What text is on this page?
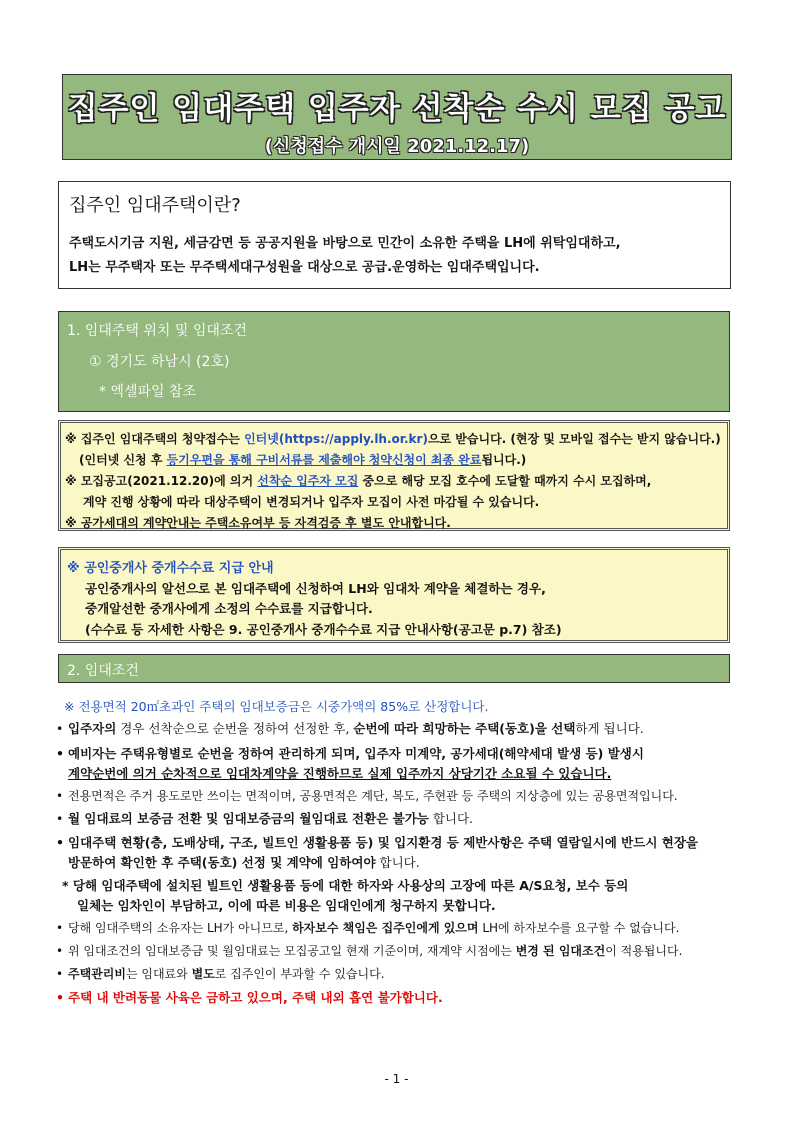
집주인 임대주택 입주자 선착순 수시 모집 공고
(신청접수 개시일 2021.12.17)
집주인 임대주택이란?
주택도시기금 지원, 세금감면 등 공공지원을 바탕으로 민간이 소유한 주택을 LH에 위탁임대하고,
LH는 무주택자 또는 무주택세대구성원을 대상으로 공급.운영하는 임대주택입니다.
1. 임대주택 위치 및 임대조건
① 경기도 하남시 (2호)
* 엑셀파일 참조
※ 집주인 임대주택의 청약접수는 인터넷(https://apply.lh.or.kr)으로 받습니다. (현장 및 모바일 접수는 받지 않습니다.)
(인터넷 신청 후 등기우편을 통해 구비서류를 제출해야 청약신청이 최종 완료됩니다.)
※ 모집공고(2021.12.20)에 의거 선착순 입주자 모집 중으로 해당 모집 호수에 도달할 때까지 수시 모집하며,
계약 진행 상황에 따라 대상주택이 변경되거나 입주자 모집이 사전 마감될 수 있습니다.
※ 공가세대의 계약안내는 주택소유여부 등 자격검증 후 별도 안내합니다.
※ 공인중개사 중개수수료 지급 안내
공인중개사의 알선으로 본 임대주택에 신청하여 LH와 임대차 계약을 체결하는 경우,
중개알선한 중개사에게 소정의 수수료를 지급합니다.
(수수료 등 자세한 사항은 9. 공인중개사 중개수수료 지급 안내사항(공고문 p.7) 참조)
2. 임대조건
※ 전용면적 20㎡초과인 주택의 임대보증금은 시중가액의 85%로 산정합니다.
• 입주자의 경우 선착순으로 순번을 정하여 선정한 후, 순번에 따라 희망하는 주택(동호)을 선택하게 됩니다.
• 예비자는 주택유형별로 순번을 정하여 관리하게 되며, 입주자 미계약, 공가세대(해약세대 발생 등) 발생시
계약순번에 의거 순차적으로 임대차계약을 진행하므로 실제 입주까지 상당기간 소요될 수 있습니다.
• 전용면적은 주거 용도로만 쓰이는 면적이며, 공용면적은 계단, 복도, 주현관 등 주택의 지상층에 있는 공용면적입니다.
• 월 임대료의 보증금 전환 및 임대보증금의 월임대료 전환은 불가능 합니다.
• 임대주택 현황(층, 도배상태, 구조, 빌트인 생활용품 등) 및 입지환경 등 제반사항은 주택 열람일시에 반드시 현장을
방문하여 확인한 후 주택(동호) 선정 및 계약에 임하여야 합니다.
* 당해 임대주택에 설치된 빌트인 생활용품 등에 대한 하자와 사용상의 고장에 따른 A/S요청, 보수 등의
일체는 임차인이 부담하고, 이에 따른 비용은 임대인에게 청구하지 못합니다.
• 당해 임대주택의 소유자는 LH가 아니므로, 하자보수 책임은 집주인에게 있으며 LH에 하자보수를 요구할 수 없습니다.
• 위 임대조건의 임대보증금 및 월임대료는 모집공고일 현재 기준이며, 재계약 시점에는 변경 된 임대조건이 적용됩니다.
• 주택관리비는 임대료와 별도로 집주인이 부과할 수 있습니다.
• 주택 내 반려동물 사육은 금하고 있으며, 주택 내외 흡연 불가합니다.
- 1 -
